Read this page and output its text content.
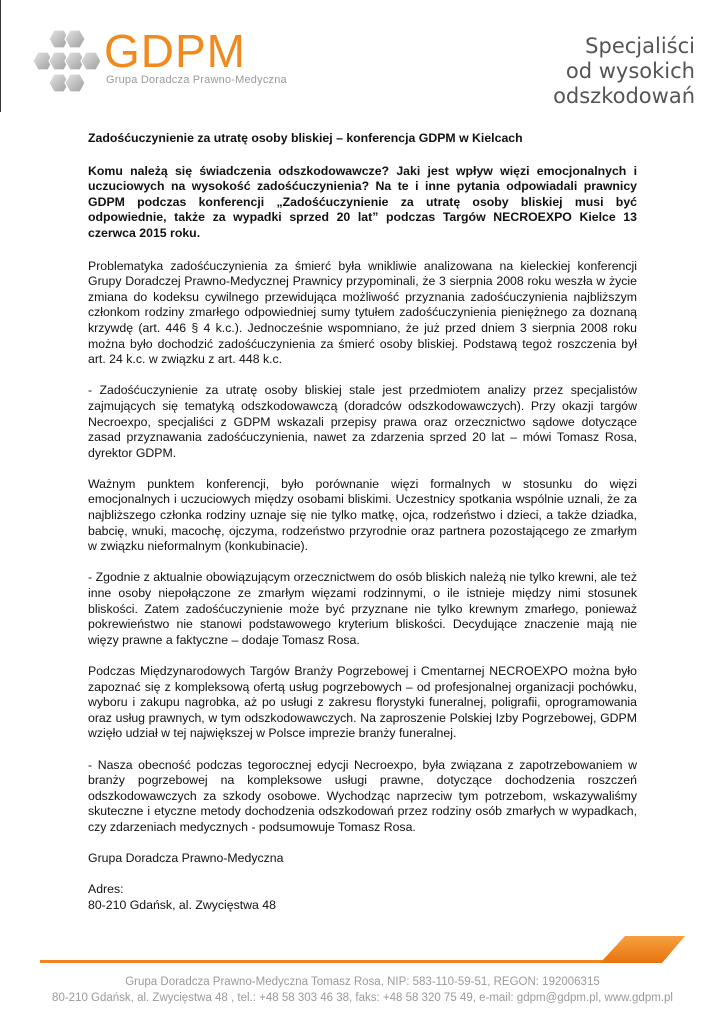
GDPM
Grupa Doradcza Prawno-Medyczna
Specjaliści
od wysokich
odszkodowań

Zadośćuczynienie za utratę osoby bliskiej – konferencja GDPM w Kielcach

Komu należą się świadczenia odszkodowawcze? Jaki jest wpływ więzi emocjonalnych i uczuciowych na wysokość zadośćuczynienia? Na te i inne pytania odpowiadali prawnicy GDPM podczas konferencji „Zadośćuczynienie za utratę osoby bliskiej musi być odpowiednie, także za wypadki sprzed 20 lat” podczas Targów NECROEXPO Kielce 13 czerwca 2015 roku.

Problematyka zadośćuczynienia za śmierć była wnikliwie analizowana na kieleckiej konferencji Grupy Doradczej Prawno-Medycznej Prawnicy przypominali, że 3 sierpnia 2008 roku weszła w życie zmiana do kodeksu cywilnego przewidująca możliwość przyznania zadośćuczynienia najbliższym członkom rodziny zmarłego odpowiedniej sumy tytułem zadośćuczynienia pieniężnego za doznaną krzywdę (art. 446 § 4 k.c.). Jednocześnie wspomniano, że już przed dniem 3 sierpnia 2008 roku można było dochodzić zadośćuczynienia za śmierć osoby bliskiej. Podstawą tegoż roszczenia był art. 24 k.c. w związku z art. 448 k.c.

- Zadośćuczynienie za utratę osoby bliskiej stale jest przedmiotem analizy przez specjalistów zajmujących się tematyką odszkodowawczą (doradców odszkodowawczych). Przy okazji targów Necroexpo, specjaliści z GDPM wskazali przepisy prawa oraz orzecznictwo sądowe dotyczące zasad przyznawania zadośćuczynienia, nawet za zdarzenia sprzed 20 lat – mówi Tomasz Rosa, dyrektor GDPM.

Ważnym punktem konferencji, było porównanie więzi formalnych w stosunku do więzi emocjonalnych i uczuciowych między osobami bliskimi. Uczestnicy spotkania wspólnie uznali, że za najbliższego członka rodziny uznaje się nie tylko matkę, ojca, rodzeństwo i dzieci, a także dziadka, babcię, wnuki, macochę, ojczyma, rodzeństwo przyrodnie oraz partnera pozostającego ze zmarłym w związku nieformalnym (konkubinacie).

- Zgodnie z aktualnie obowiązującym orzecznictwem do osób bliskich należą nie tylko krewni, ale też inne osoby niepołączone ze zmarłym więzami rodzinnymi, o ile istnieje między nimi stosunek bliskości. Zatem zadośćuczynienie może być przyznane nie tylko krewnym zmarłego, ponieważ pokrewieństwo nie stanowi podstawowego kryterium bliskości. Decydujące znaczenie mają nie więzy prawne a faktyczne – dodaje Tomasz Rosa.

Podczas Międzynarodowych Targów Branży Pogrzebowej i Cmentarnej NECROEXPO można było zapoznać się z kompleksową ofertą usług pogrzebowych – od profesjonalnej organizacji pochówku, wyboru i zakupu nagrobka, aż po usługi z zakresu florystyki funeralnej, poligrafii, oprogramowania oraz usług prawnych, w tym odszkodowawczych. Na zaproszenie Polskiej Izby Pogrzebowej, GDPM wzięło udział w tej największej w Polsce imprezie branży funeralnej.

- Nasza obecność podczas tegorocznej edycji Necroexpo, była związana z zapotrzebowaniem w branży pogrzebowej na kompleksowe usługi prawne, dotyczące dochodzenia roszczeń odszkodowawczych za szkody osobowe. Wychodząc naprzeciw tym potrzebom, wskazywaliśmy skuteczne i etyczne metody dochodzenia odszkodowań przez rodziny osób zmarłych w wypadkach, czy zdarzeniach medycznych - podsumowuje Tomasz Rosa.

Grupa Doradcza Prawno-Medyczna

Adres:

80-210 Gdańsk, al. Zwycięstwa 48

Grupa Doradcza Prawno-Medyczna Tomasz Rosa, NIP: 583-110-59-51, REGON: 192006315
80-210 Gdańsk, al. Zwycięstwa 48 , tel.: +48 58 303 46 38, faks: +48 58 320 75 49, e-mail: gdpm@gdpm.pl, www.gdpm.pl
